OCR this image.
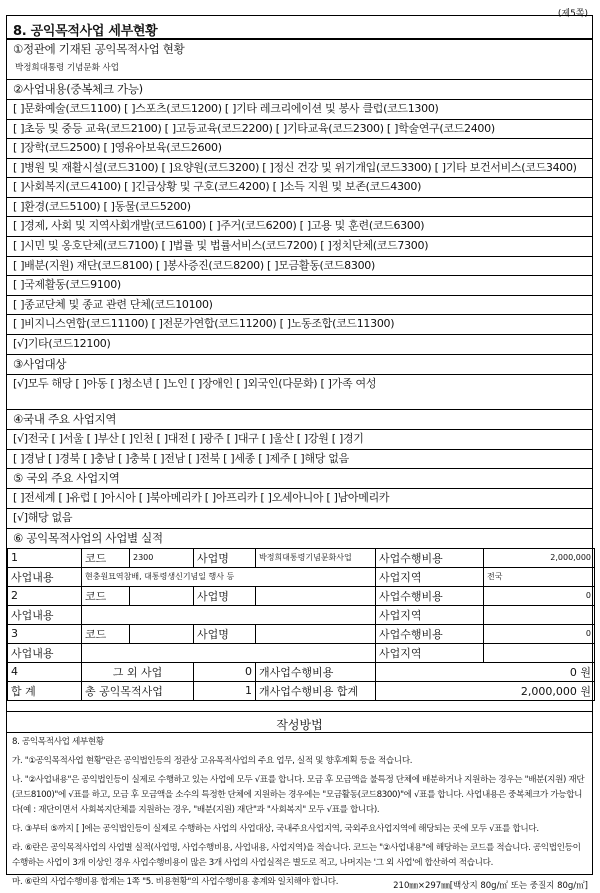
(제5쪽)
8. 공익목적사업 세부현황
①정관에 기재된 공익목적사업 현황
박정희대통령 기념문화 사업
②사업내용(중복체크 가능)
[ ]문화예술(코드1100) [ ]스포츠(코드1200) [ ]기타 레크리에이션 및 봉사 클럽(코드1300)
[ ]초등 및 중등 교육(코드2100) [ ]고등교육(코드2200) [ ]기타교육(코드2300) [ ]학술연구(코드2400)
[ ]장학(코드2500) [ ]영유아보육(코드2600)
[ ]병원 및 재활시설(코드3100) [ ]요양원(코드3200) [ ]정신 건강 및 위기개입(코드3300) [ ]기타 보건서비스(코드3400)
[ ]사회복지(코드4100) [ ]긴급상황 및 구호(코드4200) [ ]소득 지원 및 보존(코드4300)
[ ]환경(코드5100) [ ]동물(코드5200)
[ ]경제, 사회 및 지역사회개발(코드6100) [ ]주거(코드6200) [ ]고용 및 훈련(코드6300)
[ ]시민 및 옹호단체(코드7100) [ ]법률 및 법률서비스(코드7200) [ ]정치단체(코드7300)
[ ]배분(지원) 재단(코드8100) [ ]봉사증진(코드8200) [ ]모금활동(코드8300)
[ ]국제활동(코드9100)
[ ]종교단체 및 종교 관련 단체(코드10100)
[ ]비지니스연합(코드11100) [ ]전문가연합(코드11200) [ ]노동조합(코드11300)
[√]기타(코드12100)
③사업대상
[√]모두 해당 [ ]아동 [ ]청소년 [ ]노인 [ ]장애인 [ ]외국인(다문화) [ ]가족 여성
④국내 주요 사업지역
[√]전국 [ ]서울 [ ]부산 [ ]인천 [ ]대전 [ ]광주 [ ]대구 [ ]울산 [ ]강원 [ ]경기
[ ]경남 [ ]경북 [ ]충남 [ ]충북 [ ]전남 [ ]전북 [ ]세종 [ ]제주 [ ]해당 없음
⑤ 국외 주요 사업지역
[ ]전세계 [ ]유럽 [ ]아시아 [ ]북아메리카 [ ]아프리카 [ ]오세아니아 [ ]남아메리카
[√]해당 없음
⑥ 공익목적사업의 사업별 실적
1	코드	2300	사업명	박정희대통령기념문화사업	사업수행비용	2,000,000
사업내용	현충원묘역참배, 대통령생신기념일 행사 등				사업지역	전국
2	코드		사업명		사업수행비용	0
사업내용					사업지역	
3	코드		사업명		사업수행비용	0
사업내용					사업지역	
4	그 외 사업		0	개사업수행비용	0 원	
합 계	총 공익목적사업		1	개사업수행비용 합계	2,000,000 원	
작성방법

8. 공익목적사업 세부현황

가. "①공익목적사업 현황"란은 공익법인등의 정관상 고유목적사업의 주요 업무, 실적 및 향후계획 등을 적습니다.

나. "②사업내용"은 공익법인등이 실제로 수행하고 있는 사업에 모두 √표를 합니다. 모금 후 모금액을 불특정 단체에 배분하거나 지원하는 경우는 "배분(지원) 재단(코드8100)"에 √표를 하고, 모금 후 모금액을 소수의 특정한 단체에 지원하는 경우에는 "모금활동(코드8300)"에 √표를 합니다. 사업내용은 중복체크가 가능합니다(예 : 재단이면서 사회복지단체를 지원하는 경우, "배분(지원) 재단"과 "사회복지" 모두 √표를 합니다).

다. ③부터 ⑤까지 [ ]에는 공익법인등이 실제로 수행하는 사업의 사업대상, 국내주요사업지역, 국외주요사업지역에 해당되는 곳에 모두 √표를 합니다.

라. ⑥란은 공익목적사업의 사업별 실적(사업명, 사업수행비용, 사업내용, 사업지역)을 적습니다. 코드는 "②사업내용"에 해당하는 코드를 적습니다. 공익법인등이 수행하는 사업이 3개 이상인 경우 사업수행비용이 많은 3개 사업의 사업실적은 별도로 적고, 나머지는 '그 외 사업'에 합산하여 적습니다.

마. ⑥란의 사업수행비용 합계는 1쪽 "5. 비용현황"의 사업수행비용 총계와 일치해야 합니다.	210㎜×297㎜[백상지 80g/㎡ 또는 중질지 80g/㎡]
